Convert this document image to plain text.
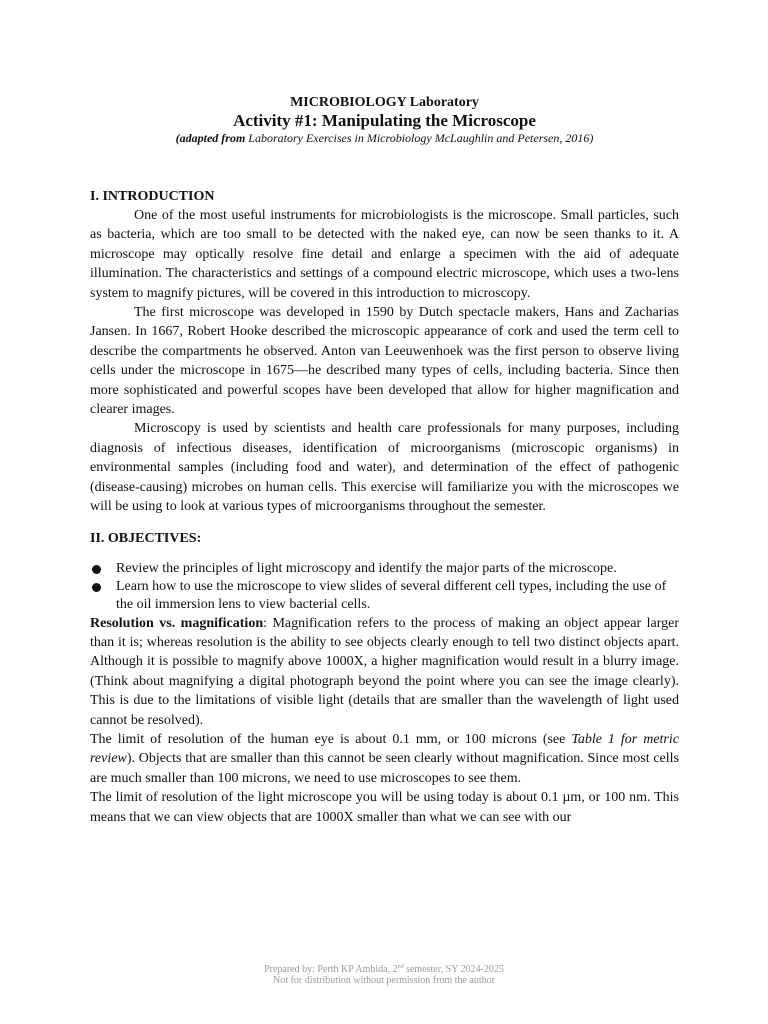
MICROBIOLOGY Laboratory
Activity #1: Manipulating the Microscope
(adapted from Laboratory Exercises in Microbiology McLaughlin and Petersen, 2016)
I. INTRODUCTION

One of the most useful instruments for microbiologists is the microscope. Small particles, such as bacteria, which are too small to be detected with the naked eye, can now be seen thanks to it. A microscope may optically resolve fine detail and enlarge a specimen with the aid of adequate illumination. The characteristics and settings of a compound electric microscope, which uses a two-lens system to magnify pictures, will be covered in this introduction to microscopy.

The first microscope was developed in 1590 by Dutch spectacle makers, Hans and Zacharias Jansen. In 1667, Robert Hooke described the microscopic appearance of cork and used the term cell to describe the compartments he observed. Anton van Leeuwenhoek was the first person to observe living cells under the microscope in 1675—he described many types of cells, including bacteria. Since then more sophisticated and powerful scopes have been developed that allow for higher magnification and clearer images.

Microscopy is used by scientists and health care professionals for many purposes, including diagnosis of infectious diseases, identification of microorganisms (microscopic organisms) in environmental samples (including food and water), and determination of the effect of pathogenic (disease-causing) microbes on human cells. This exercise will familiarize you with the microscopes we will be using to look at various types of microorganisms throughout the semester.

II. OBJECTIVES:
Review the principles of light microscopy and identify the major parts of the microscope.
Learn how to use the microscope to view slides of several different cell types, including the use of the oil immersion lens to view bacterial cells.

Resolution vs. magnification: Magnification refers to the process of making an object appear larger than it is; whereas resolution is the ability to see objects clearly enough to tell two distinct objects apart. Although it is possible to magnify above 1000X, a higher magnification would result in a blurry image. (Think about magnifying a digital photograph beyond the point where you can see the image clearly). This is due to the limitations of visible light (details that are smaller than the wavelength of light used cannot be resolved).

The limit of resolution of the human eye is about 0.1 mm, or 100 microns (see Table 1 for metric review). Objects that are smaller than this cannot be seen clearly without magnification. Since most cells are much smaller than 100 microns, we need to use microscopes to see them.

The limit of resolution of the light microscope you will be using today is about 0.1 µm, or 100 nm. This means that we can view objects that are 1000X smaller than what we can see with our

Prepared by: Perth KP Ambida, 2nd semester, SY 2024-2025
Not for distribution without permission from the author
